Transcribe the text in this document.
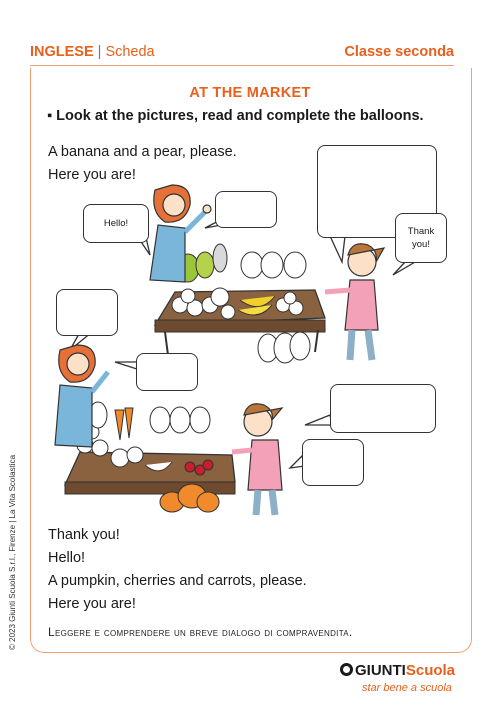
INGLESE | Scheda	Classe seconda
AT THE MARKET
▪ Look at the pictures, read and complete the balloons.
A banana and a pear, please.
Here you are!
Hello!
Thank you!
Thank you!
Hello!
A pumpkin, cherries and carrots, please.
Here you are!
Leggere e comprendere un breve dialogo di compravendita.
© 2023 Giunti Scuola S.r.l., Firenze | La Vita Scolastica
GIUNTIScuola
star bene a scuola
